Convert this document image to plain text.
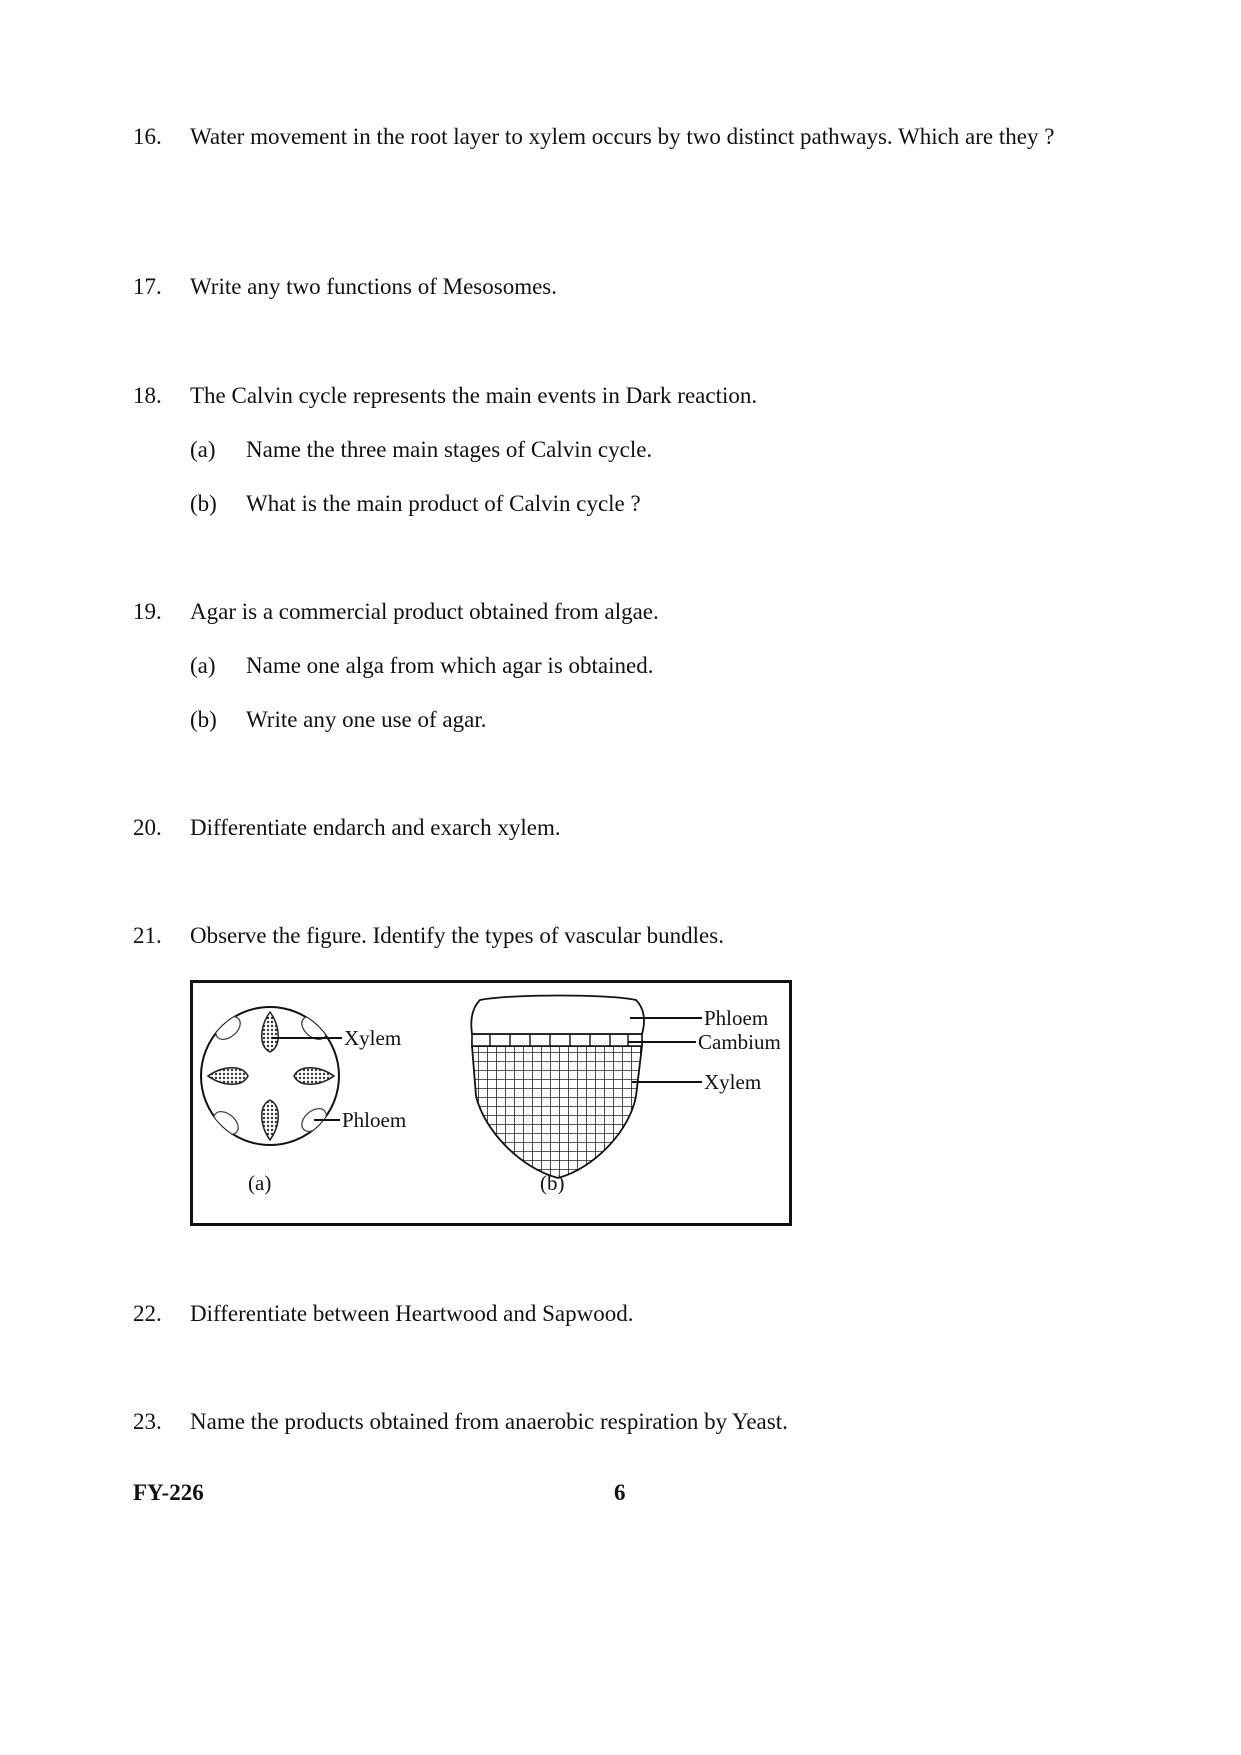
16. Water movement in the root layer to xylem occurs by two distinct pathways. Which are they ?
17. Write any two functions of Mesosomes.
18. The Calvin cycle represents the main events in Dark reaction.
(a) Name the three main stages of Calvin cycle.
(b) What is the main product of Calvin cycle ?
19. Agar is a commercial product obtained from algae.
(a) Name one alga from which agar is obtained.
(b) Write any one use of agar.
20. Differentiate endarch and exarch xylem.
21. Observe the figure. Identify the types of vascular bundles.
Xylem
Phloem
(a)
Phloem
Cambium
Xylem
(b)
22. Differentiate between Heartwood and Sapwood.
23. Name the products obtained from anaerobic respiration by Yeast.
FY-226	6
